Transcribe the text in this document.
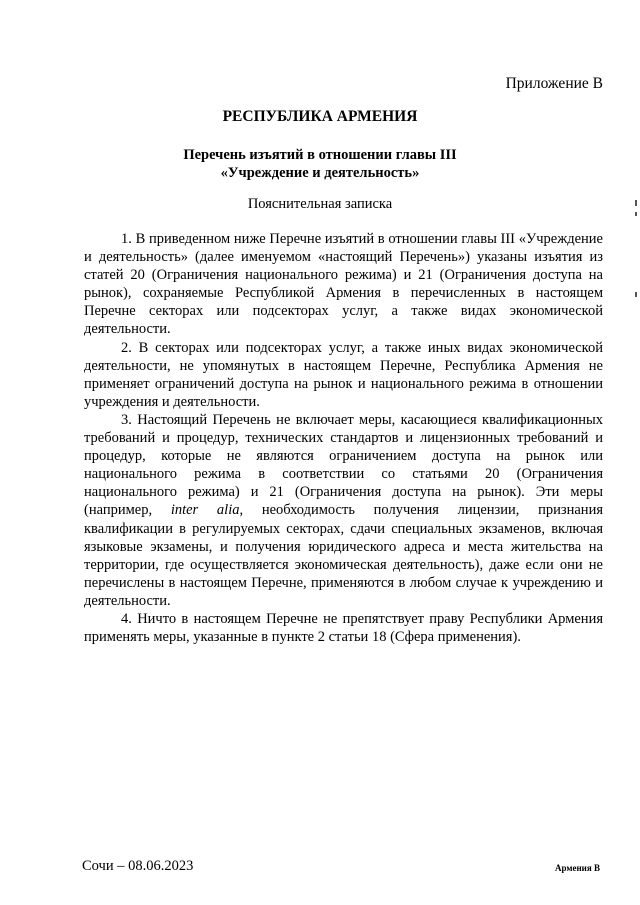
Приложение В
РЕСПУБЛИКА АРМЕНИЯ
Перечень изъятий в отношении главы III
«Учреждение и деятельность»
Пояснительная записка

1. В приведенном ниже Перечне изъятий в отношении главы III «Учреждение и деятельность» (далее именуемом «настоящий Перечень») указаны изъятия из статей 20 (Ограничения национального режима) и 21 (Ограничения доступа на рынок), сохраняемые Республикой Армения в перечисленных в настоящем Перечне секторах или подсекторах услуг, а также видах экономической деятельности.

2. В секторах или подсекторах услуг, а также иных видах экономической деятельности, не упомянутых в настоящем Перечне, Республика Армения не применяет ограничений доступа на рынок и национального режима в отношении учреждения и деятельности.

3. Настоящий Перечень не включает меры, касающиеся квалификационных требований и процедур, технических стандартов и лицензионных требований и процедур, которые не являются ограничением доступа на рынок или национального режима в соответствии со статьями 20 (Ограничения национального режима) и 21 (Ограничения доступа на рынок). Эти меры (например, inter alia, необходимость получения лицензии, признания квалификации в регулируемых секторах, сдачи специальных экзаменов, включая языковые экзамены, и получения юридического адреса и места жительства на территории, где осуществляется экономическая деятельность), даже если они не перечислены в настоящем Перечне, применяются в любом случае к учреждению и деятельности.

4. Ничто в настоящем Перечне не препятствует праву Республики Армения применять меры, указанные в пункте 2 статьи 18 (Сфера применения).

Сочи – 08.06.2023	Армения В
